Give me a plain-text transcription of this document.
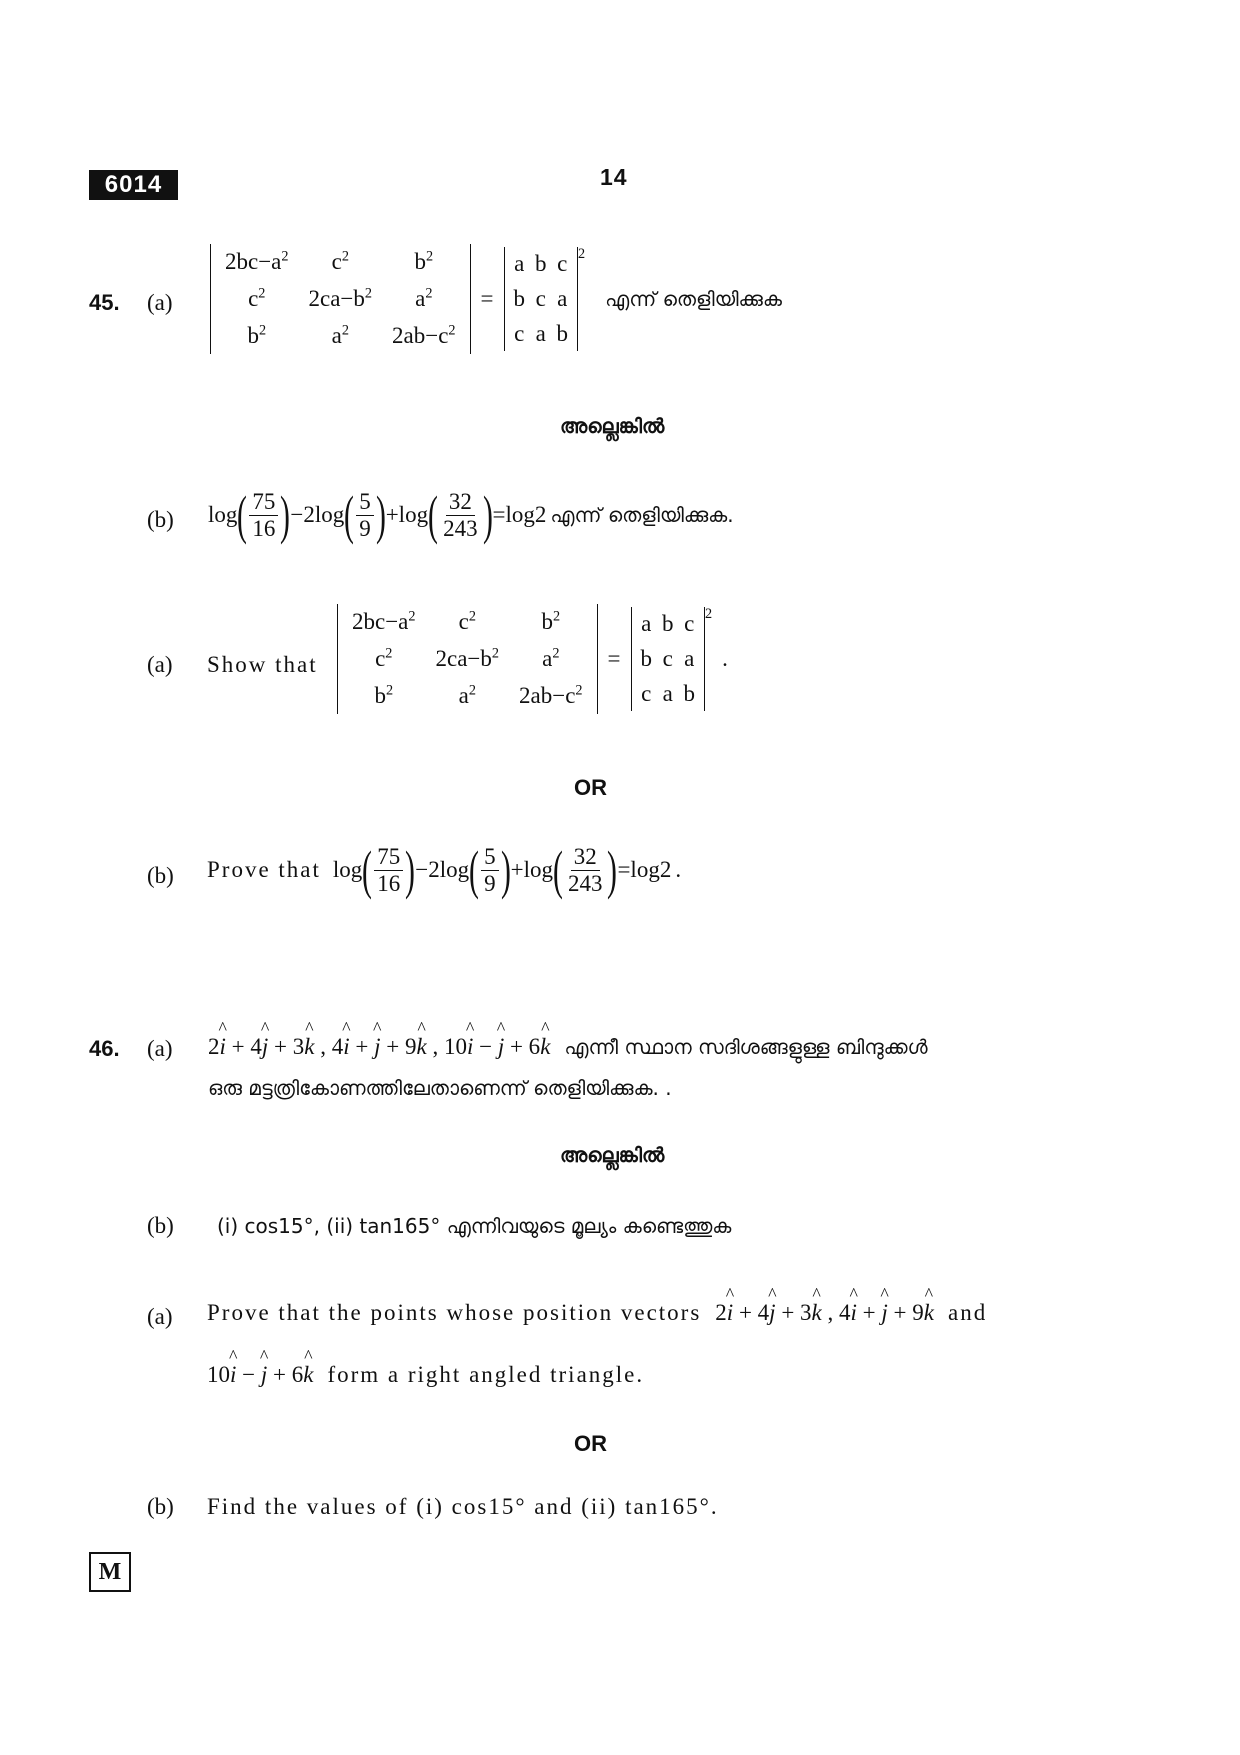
6014	14
45. (a)
$2bc-a^2$	$c^2$	$b^2$
$c^2$	$2ca-b^2$	$a^2$
$b^2$	$a^2$	$2ab-c^2$
=
a	b	c
b	c	a
c	a	b
2
എന്ന് തെളിയിക്കുക
അല്ലെങ്കിൽ
(b) log ( $\frac{75}{16}$ ) −2log ( $\frac{5}{9}$ ) +log ( $\frac{32}{243}$ ) =log2 എന്ന് തെളിയിക്കുക.
(a) Show that
$2bc-a^2$	$c^2$	$b^2$
$c^2$	$2ca-b^2$	$a^2$
$b^2$	$a^2$	$2ab-c^2$
=
a	b	c
b	c	a
c	a	b
2
.
OR
(b) Prove that log ( $\frac{75}{16}$ ) −2log ( $\frac{5}{9}$ ) +log ( $\frac{32}{243}$ ) =log2 .
46. (a) 2^ i + 4^ j + 3^ k , 4^ i + ^ j + 9^ k , 10^ i − ^ j + 6^ k എന്നീ സ്ഥാന സദിശങ്ങളുള്ള ബിന്ദുക്കൾ
ഒരു മട്ടത്രികോണത്തിലേതാണെന്ന് തെളിയിക്കുക. .
അല്ലെങ്കിൽ
(b) (i) cos15°, (ii) tan165° എന്നിവയുടെ മൂല്യം കണ്ടെത്തുക
(a) Prove that the points whose position vectors 2^ i + 4^ j + 3^ k , 4^ i + ^ j + 9^ k and
10^ i − ^ j + 6^ k form a right angled triangle.
OR
(b) Find the values of (i) cos15° and (ii) tan165°.
M
